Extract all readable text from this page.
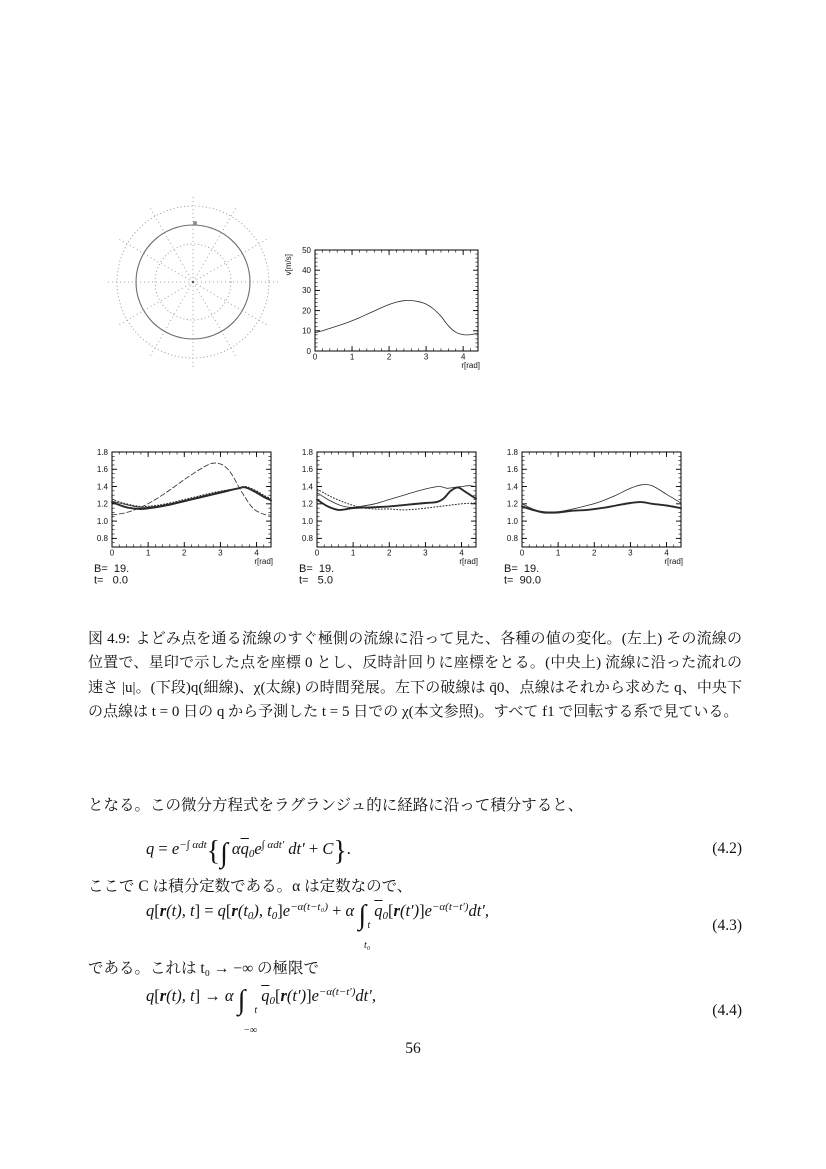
0	1	2	3	4
0
10
20
30
40
50
r[rad]
v[m/s]
0	1	2	3	4
0.8
1.0
1.2
1.4
1.6
1.8
r[rad]
B=  19.
t=   0.0
0	1	2	3	4
0.8
1.0
1.2
1.4
1.6
1.8
r[rad]
B=  19.
t=   5.0
0	1	2	3	4
0.8
1.0
1.2
1.4
1.6
1.8
r[rad]
B=  19.
t=  90.0

図 4.9: よどみ点を通る流線のすぐ極側の流線に沿って見た、各種の値の変化。(左上) その流線の位置で、星印で示した点を座標 0 とし、反時計回りに座標をとる。(中央上) 流線に沿った流れの速さ |u|。(下段)q(細線)、χ(太線) の時間発展。左下の破線は q̄0、点線はそれから求めた q、中央下の点線は t = 0 日の q から予測した t = 5 日での χ(本文参照)。すべて f1 で回転する系で見ている。

となる。この微分方程式をラグランジュ的に経路に沿って積分すると、

$q = e^{-\int \alpha dt}\{\int$ $\alpha\overline{q}0e^{\int \alpha dt'}$ dt′ + C}.	(4.2)

ここで C は積分定数である。α は定数なので、

q[r(t), t] = q[r(t0), $t0]e^{-\alpha(t-t_0)} + \alpha$ ∫ t
t₀
$\overline{q}0[r(t')]e^{-\alpha(t-t')}dt'$,
(4.3)

である。これは t₀ → −∞ の極限で

q[r(t), t] → α ∫ t
−∞
$\overline{q}0[r(t')]e^{-\alpha(t-t')}dt'$,
(4.4)
56
